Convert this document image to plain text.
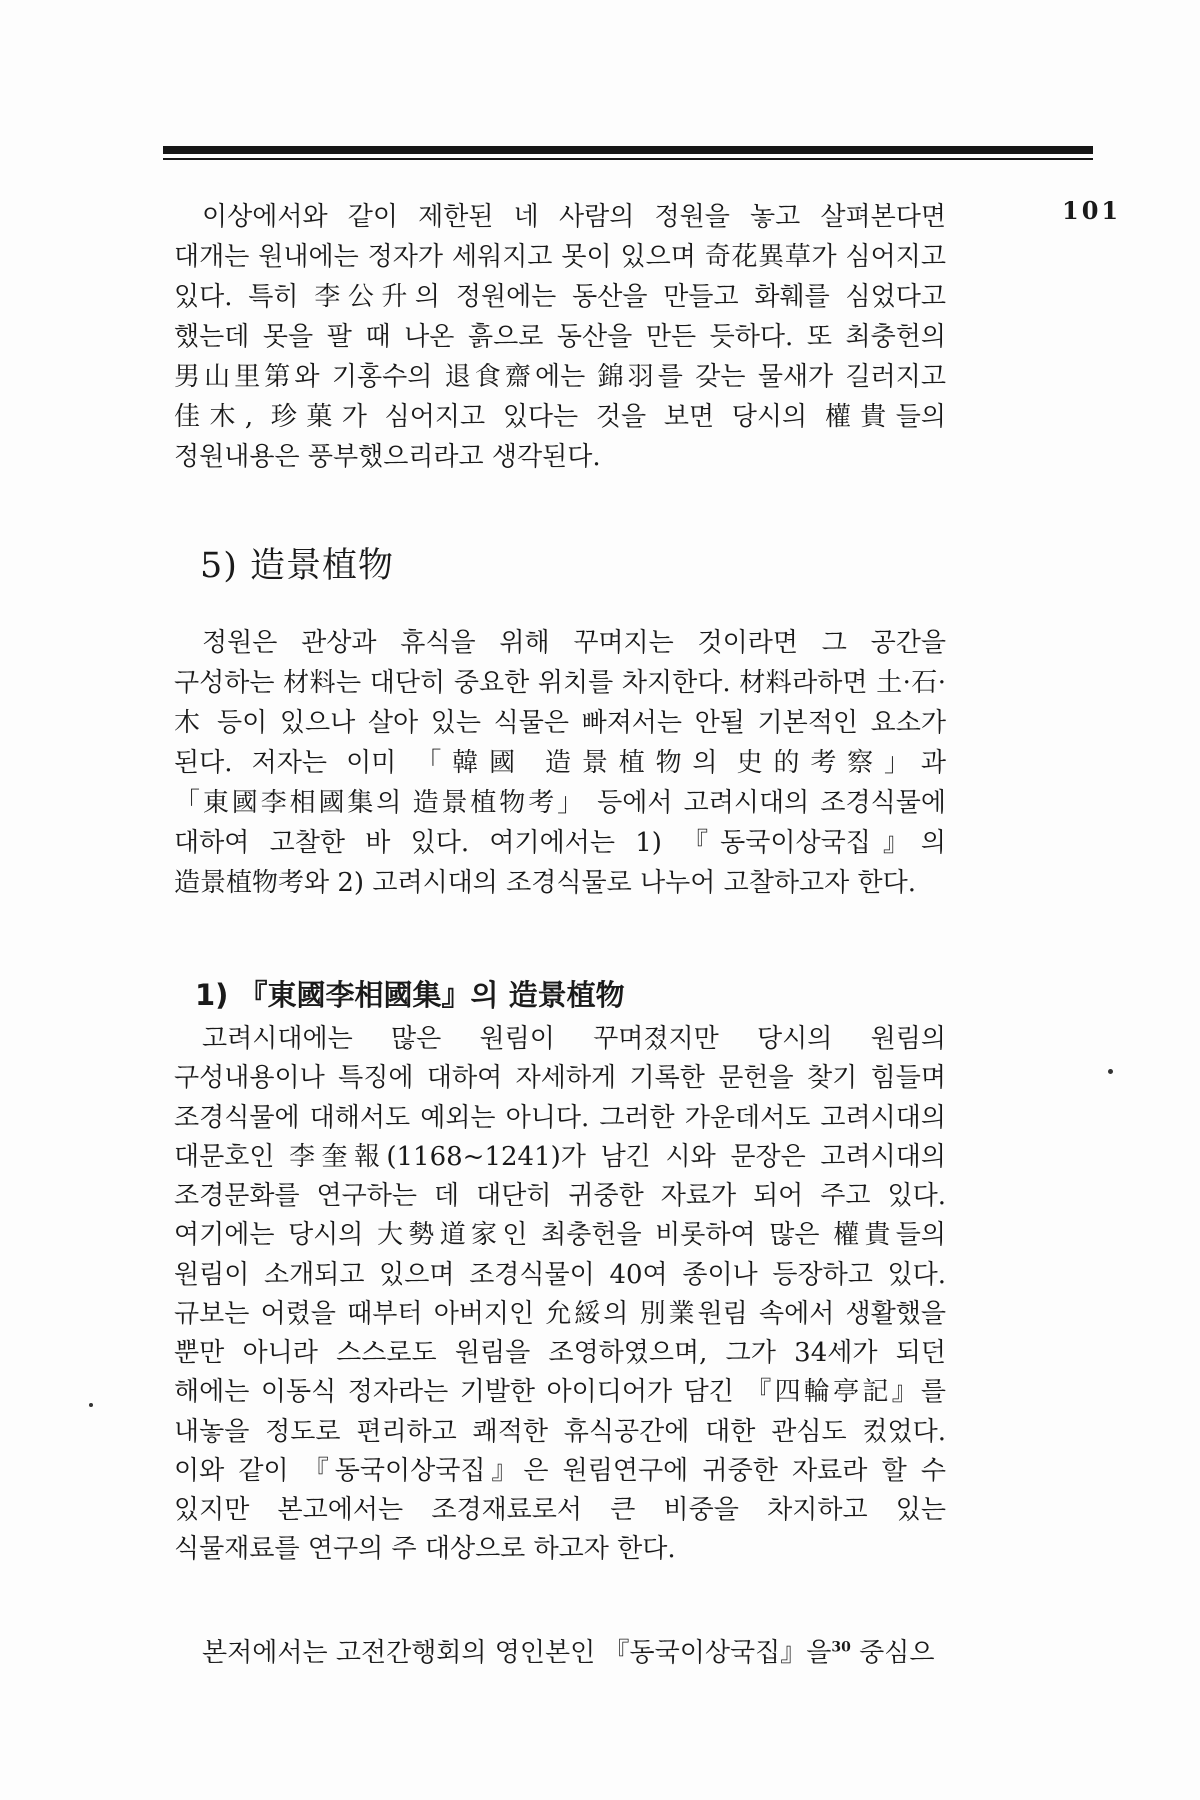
101

이상에서와 같이 제한된 네 사람의 정원을 놓고 살펴본다면 대개는 원내에는 정자가 세워지고 못이 있으며 奇花異草가 심어지고 있다. 특히 李公升의 정원에는 동산을 만들고 화훼를 심었다고 했는데 못을 팔 때 나온 흙으로 동산을 만든 듯하다. 또 최충헌의 男山里第와 기홍수의 退食齋에는 錦羽를 갖는 물새가 길러지고 佳木, 珍菓가 심어지고 있다는 것을 보면 당시의 權貴들의 정원내용은 풍부했으리라고 생각된다.

5) 造景植物

정원은 관상과 휴식을 위해 꾸며지는 것이라면 그 공간을 구성하는 材料는 대단히 중요한 위치를 차지한다. 材料라하면 土·石·木 등이 있으나 살아 있는 식물은 빠져서는 안될 기본적인 요소가 된다. 저자는 이미 「韓國 造景植物의 史的考察」과 「東國李相國集의 造景植物考」 등에서 고려시대의 조경식물에 대하여 고찰한 바 있다. 여기에서는 1) 『동국이상국집』의 造景植物考와 2) 고려시대의 조경식물로 나누어 고찰하고자 한다.

1) 『東國李相國集』의 造景植物

고려시대에는 많은 원림이 꾸며졌지만 당시의 원림의 구성내용이나 특징에 대하여 자세하게 기록한 문헌을 찾기 힘들며 조경식물에 대해서도 예외는 아니다. 그러한 가운데서도 고려시대의 대문호인 李奎報(1168~1241)가 남긴 시와 문장은 고려시대의 조경문화를 연구하는 데 대단히 귀중한 자료가 되어 주고 있다. 여기에는 당시의 大勢道家인 최충헌을 비롯하여 많은 權貴들의 원림이 소개되고 있으며 조경식물이 40여 종이나 등장하고 있다. 규보는 어렸을 때부터 아버지인 允綏의 別業원림 속에서 생활했을 뿐만 아니라 스스로도 원림을 조영하였으며, 그가 34세가 되던 해에는 이동식 정자라는 기발한 아이디어가 담긴 『四輪亭記』를 내놓을 정도로 편리하고 쾌적한 휴식공간에 대한 관심도 컸었다. 이와 같이 『동국이상국집』은 원림연구에 귀중한 자료라 할 수 있지만 본고에서는 조경재료로서 큰 비중을 차지하고 있는 식물재료를 연구의 주 대상으로 하고자 한다.

본저에서는 고전간행회의 영인본인 『동국이상국집』을$^{30}$ 중심으
